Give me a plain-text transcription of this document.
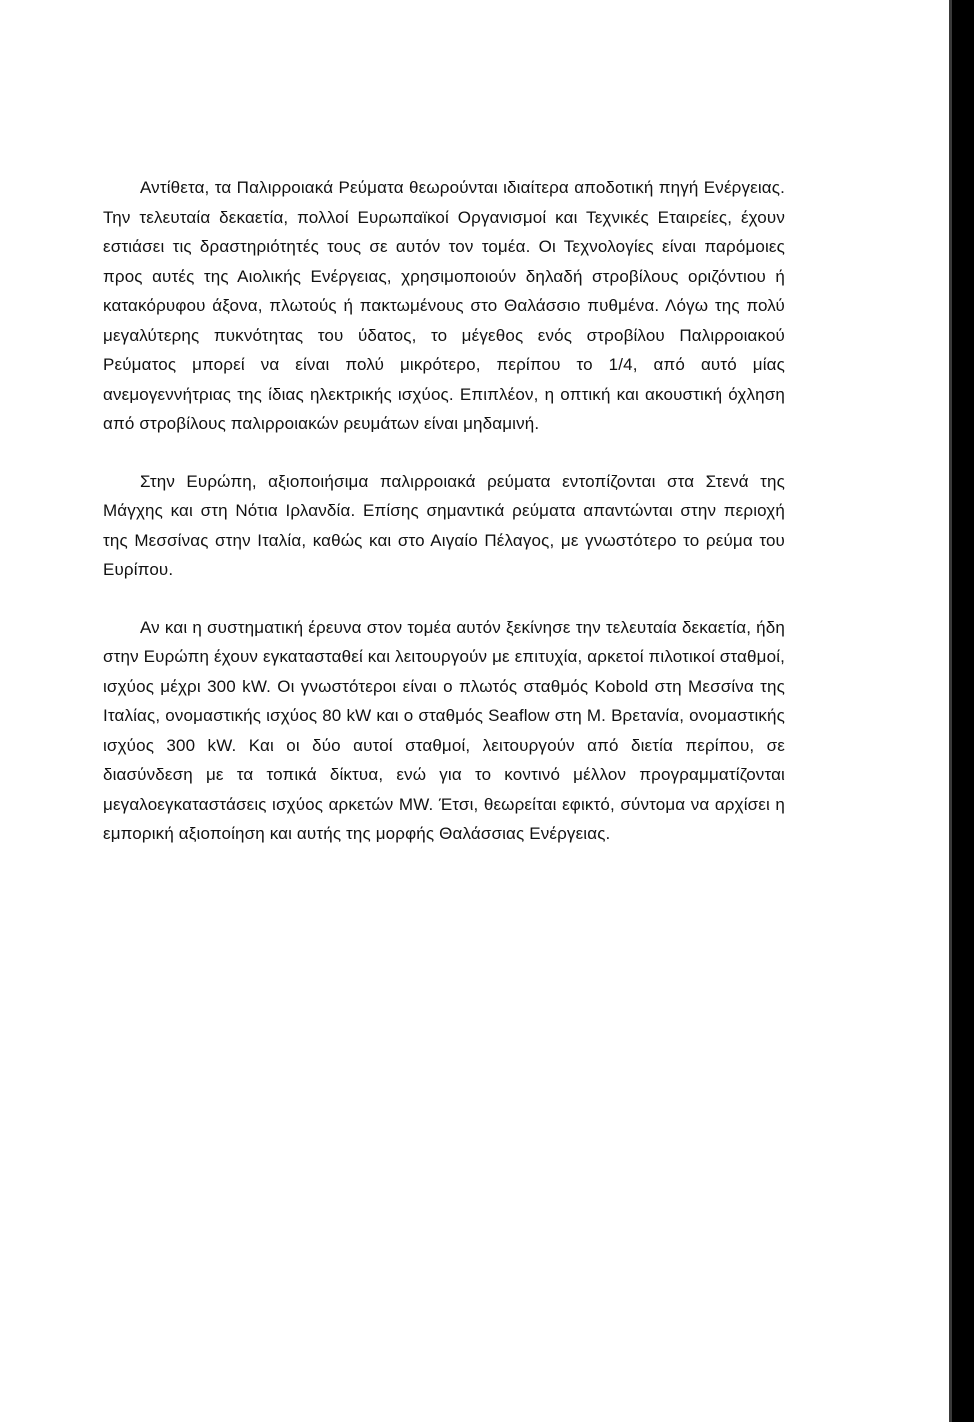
Αντίθετα, τα Παλιρροιακά Ρεύματα θεωρούνται ιδιαίτερα αποδοτική πηγή Ενέργειας. Την τελευταία δεκαετία, πολλοί Ευρωπαϊκοί Οργανισμοί και Τεχνικές Εταιρείες, έχουν εστιάσει τις δραστηριότητές τους σε αυτόν τον τομέα. Οι Τεχνολογίες είναι παρόμοιες προς αυτές της Αιολικής Ενέργειας, χρησιμοποιούν δηλαδή στροβίλους οριζόντιου ή κατακόρυφου άξονα, πλωτούς ή πακτωμένους στο Θαλάσσιο πυθμένα. Λόγω της πολύ μεγαλύτερης πυκνότητας του ύδατος, το μέγεθος ενός στροβίλου Παλιρροιακού Ρεύματος μπορεί να είναι πολύ μικρότερο, περίπου το 1/4, από αυτό μίας ανεμογεννήτριας της ίδιας ηλεκτρικής ισχύος. Επιπλέον, η οπτική και ακουστική όχληση από στροβίλους παλιρροιακών ρευμάτων είναι μηδαμινή.

Στην Ευρώπη, αξιοποιήσιμα παλιρροιακά ρεύματα εντοπίζονται στα Στενά της Μάγχης και στη Νότια Ιρλανδία. Επίσης σημαντικά ρεύματα απαντώνται στην περιοχή της Μεσσίνας στην Ιταλία, καθώς και στο Αιγαίο Πέλαγος, με γνωστότερο το ρεύμα του Ευρίπου.

Αν και η συστηματική έρευνα στον τομέα αυτόν ξεκίνησε την τελευταία δεκαετία, ήδη στην Ευρώπη έχουν εγκατασταθεί και λειτουργούν με επιτυχία, αρκετοί πιλοτικοί σταθμοί, ισχύος μέχρι 300 kW. Οι γνωστότεροι είναι ο πλωτός σταθμός Kobold στη Μεσσίνα της Ιταλίας, ονομαστικής ισχύος 80 kW και ο σταθμός Seaflow στη Μ. Βρετανία, ονομαστικής ισχύος 300 kW. Και οι δύο αυτοί σταθμοί, λειτουργούν από διετία περίπου, σε διασύνδεση με τα τοπικά δίκτυα, ενώ για το κοντινό μέλλον προγραμματίζονται μεγαλοεγκαταστάσεις ισχύος αρκετών MW. Έτσι, θεωρείται εφικτό, σύντομα να αρχίσει η εμπορική αξιοποίηση και αυτής της μορφής Θαλάσσιας Ενέργειας.
